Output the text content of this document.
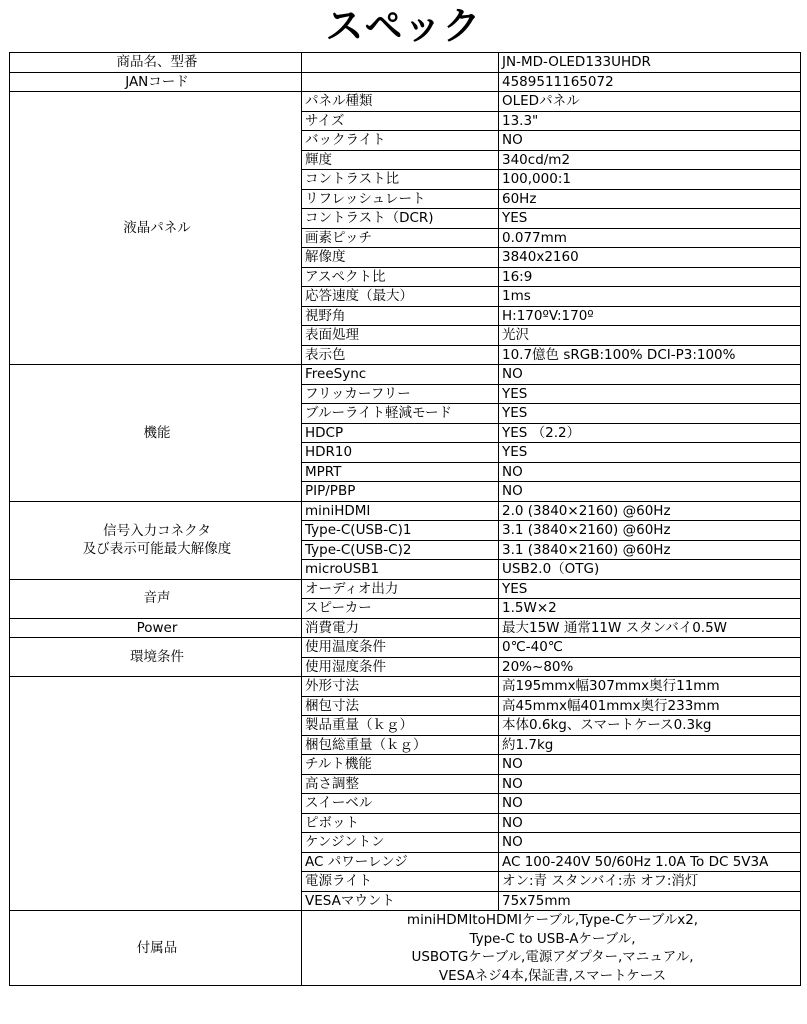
スペック
商品名、型番		JN-MD-OLED133UHDR
JANコード		4589511165072
液晶パネル	パネル種類	OLEDパネル
	サイズ	13.3"
	バックライト	NO
	輝度	340cd/m2
	コントラスト比	100,000:1
	リフレッシュレート	60Hz
	コントラスト（DCR)	YES
	画素ピッチ	0.077mm
	解像度	3840x2160
	アスペクト比	16:9
	応答速度（最大）	1ms
	視野角	H:170ºV:170º
	表面処理	光沢
	表示色	10.7億色 sRGB:100% DCI-P3:100%
機能	FreeSync	NO
	フリッカーフリー	YES
	ブルーライト軽減モード	YES
	HDCP	YES （2.2）
	HDR10	YES
	MPRT	NO
	PIP/PBP	NO

信号入力コネクタ
及び表示可能最大解像度	miniHDMI	2.0 (3840×2160) @60Hz
	Type-C(USB-C)1	3.1 (3840×2160) @60Hz
	Type-C(USB-C)2	3.1 (3840×2160) @60Hz
	microUSB1	USB2.0（OTG)
音声	オーディオ出力	YES
	スピーカー	1.5W×2
Power	消費電力	最大15W 通常11W スタンバイ0.5W
環境条件	使用温度条件	0℃-40℃
	使用湿度条件	20%~80%
	外形寸法	高195mmx幅307mmx奥行11mm
	梱包寸法	高45mmx幅401mmx奥行233mm
	製品重量（ｋｇ）	本体0.6kg、スマートケース0.3kg
	梱包総重量（ｋｇ）	約1.7kg
	チルト機能	NO
	高さ調整	NO
	スイーベル	NO
	ピボット	NO
	ケンジントン	NO
	AC パワーレンジ	AC 100-240V 50/60Hz 1.0A To DC 5V3A
	電源ライト	オン:青 スタンバイ:赤 オフ:消灯
	VESAマウント	75x75mm
付属品	miniHDMItoHDMIケーブル,Type-Cケーブルx2,
Type-C to USB-Aケーブル,
USBOTGケーブル,電源アダプター,マニュアル,
VESAネジ4本,保証書,スマートケース	
